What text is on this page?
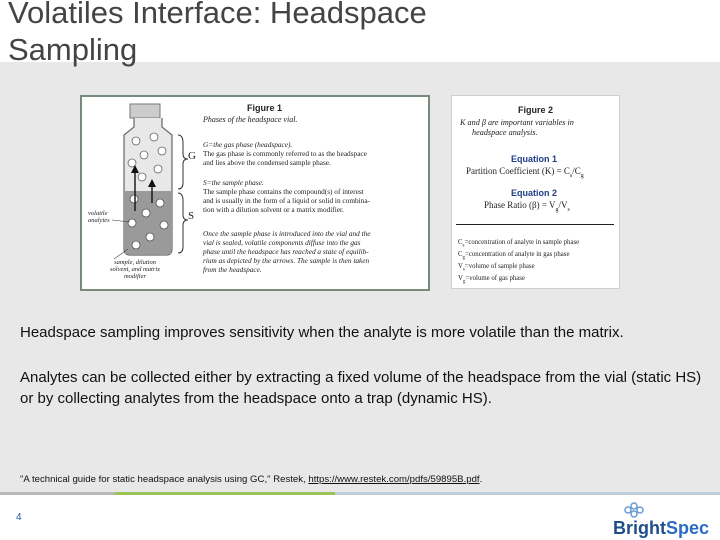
Volatiles Interface: Headspace
Sampling
G
S
volatile
analytes
sample, dilution
solvent, and matrix
modifier
Figure 1
Phases of the headspace vial.
G=the gas phase (headspace).
The gas phase is commonly referred to as the headspace
and lies above the condensed sample phase.
S=the sample phase.
The sample phase contains the compound(s) of interest
and is usually in the form of a liquid or solid in combina-
tion with a dilution solvent or a matrix modifier.
Once the sample phase is introduced into the vial and the
vial is sealed, volatile components diffuse into the gas
phase until the headspace has reached a state of equilib-
rium as depicted by the arrows. The sample is then taken
from the headspace.
Figure 2
K and β are important variables in
headspace analysis.
Equation 1
Partition Coefficient $(K) = C_s/C_g$
Equation 2
Phase Ratio $(\beta) = V_g/V_s$
$C_s=concentration$ of analyte in sample phase
$C_g=concentration$ of analyte in gas phase
$V_s=volume$ of sample phase
$V_g=volume$ of gas phase
Headspace sampling improves sensitivity when the analyte is more volatile than the matrix.
Analytes can be collected either by extracting a fixed volume of the headspace from the vial (static HS) or by collecting analytes from the headspace onto a trap (dynamic HS).
"A technical guide for static headspace analysis using GC," Restek, https://www.restek.com/pdfs/59895B.pdf.
4
BrightSpec
